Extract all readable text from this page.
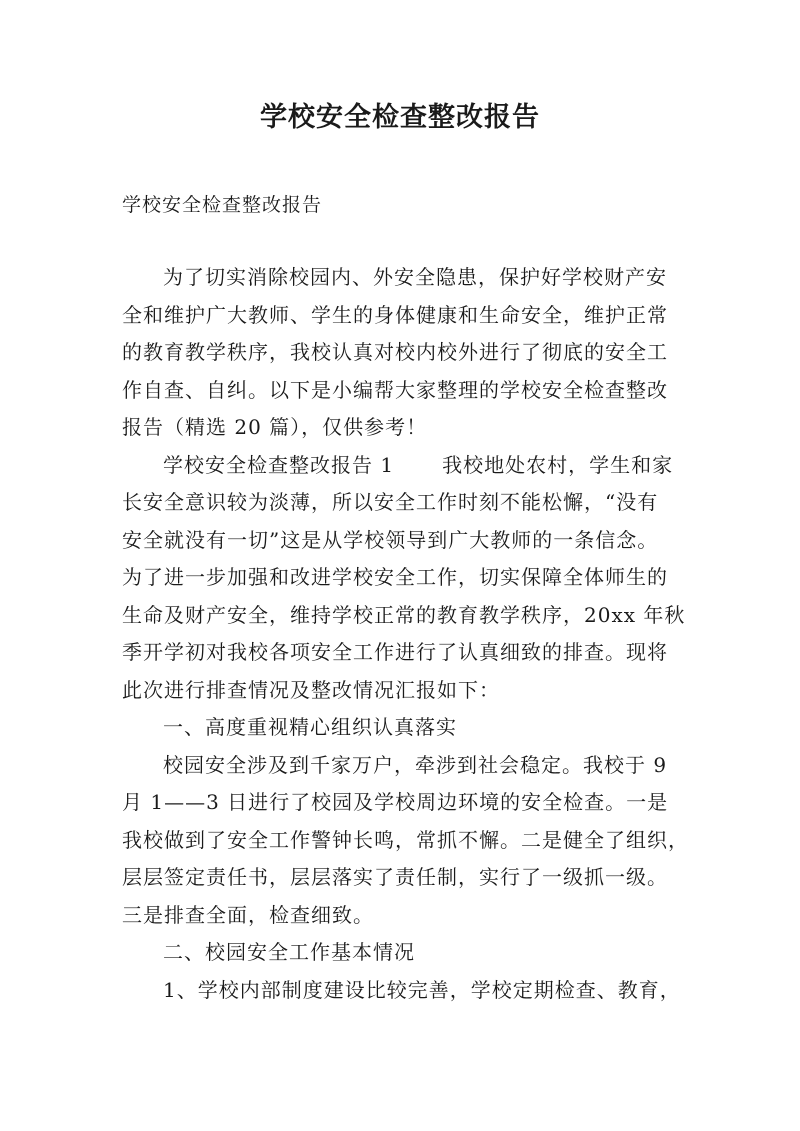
学校安全检查整改报告

学校安全检查整改报告

为了切实消除校园内、外安全隐患，保护好学校财产安
全和维护广大教师、学生的身体健康和生命安全，维护正常
的教育教学秩序，我校认真对校内校外进行了彻底的安全工
作自查、自纠。以下是小编帮大家整理的学校安全检查整改
报告（精选 20 篇），仅供参考！
学校安全检查整改报告 1 我校地处农村，学生和家
长安全意识较为淡薄，所以安全工作时刻不能松懈，“没有
安全就没有一切”这是从学校领导到广大教师的一条信念。
为了进一步加强和改进学校安全工作，切实保障全体师生的
生命及财产安全，维持学校正常的教育教学秩序，20xx 年秋
季开学初对我校各项安全工作进行了认真细致的排查。现将
此次进行排查情况及整改情况汇报如下：
一、高度重视精心组织认真落实
校园安全涉及到千家万户，牵涉到社会稳定。我校于 9
月 1——3 日进行了校园及学校周边环境的安全检查。一是
我校做到了安全工作警钟长鸣，常抓不懈。二是健全了组织，
层层签定责任书，层层落实了责任制，实行了一级抓一级。
三是排查全面，检查细致。
二、校园安全工作基本情况
1、学校内部制度建设比较完善，学校定期检查、教育，
